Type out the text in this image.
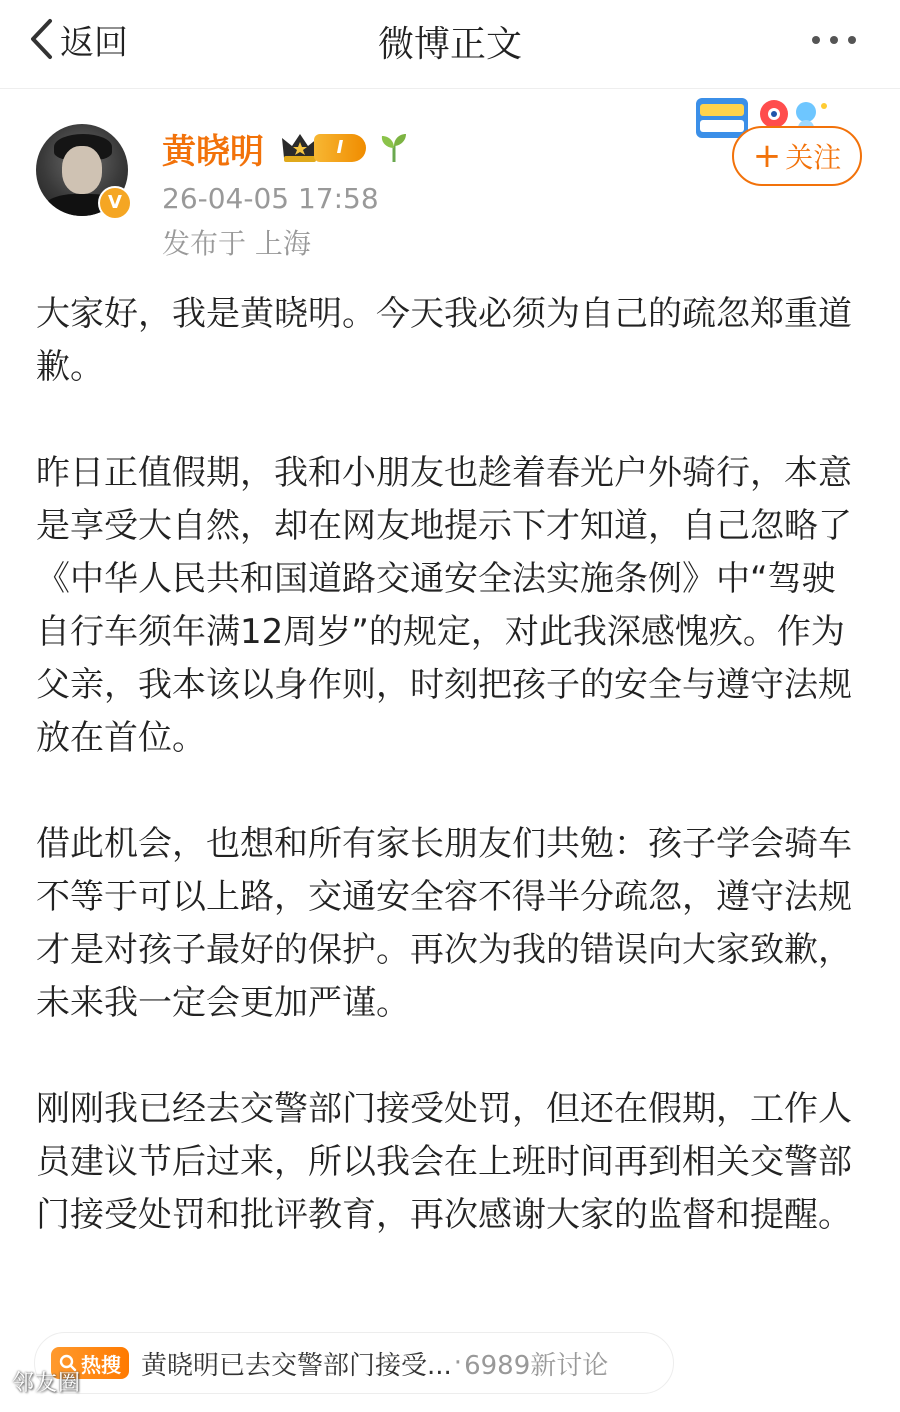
返回	微博正文
V
黄晓明	I
26-04-05 17:58
发布于 上海
+ 关注

大家好，我是黄晓明。今天我必须为自己的疏忽郑重道歉。

昨日正值假期，我和小朋友也趁着春光户外骑行，本意是享受大自然，却在网友地提示下才知道，自己忽略了《中华人民共和国道路交通安全法实施条例》中“驾驶自行车须年满12周岁”的规定，对此我深感愧疚。作为父亲，我本该以身作则，时刻把孩子的安全与遵守法规放在首位。

借此机会，也想和所有家长朋友们共勉：孩子学会骑车不等于可以上路，交通安全容不得半分疏忽，遵守法规才是对孩子最好的保护。再次为我的错误向大家致歉，未来我一定会更加严谨。

刚刚我已经去交警部门接受处罚，但还在假期，工作人员建议节后过来，所以我会在上班时间再到相关交警部门接受处罚和批评教育，再次感谢大家的监督和提醒。

热搜 黄晓明已去交警部门接受... · 6989新讨论
邻友圈
